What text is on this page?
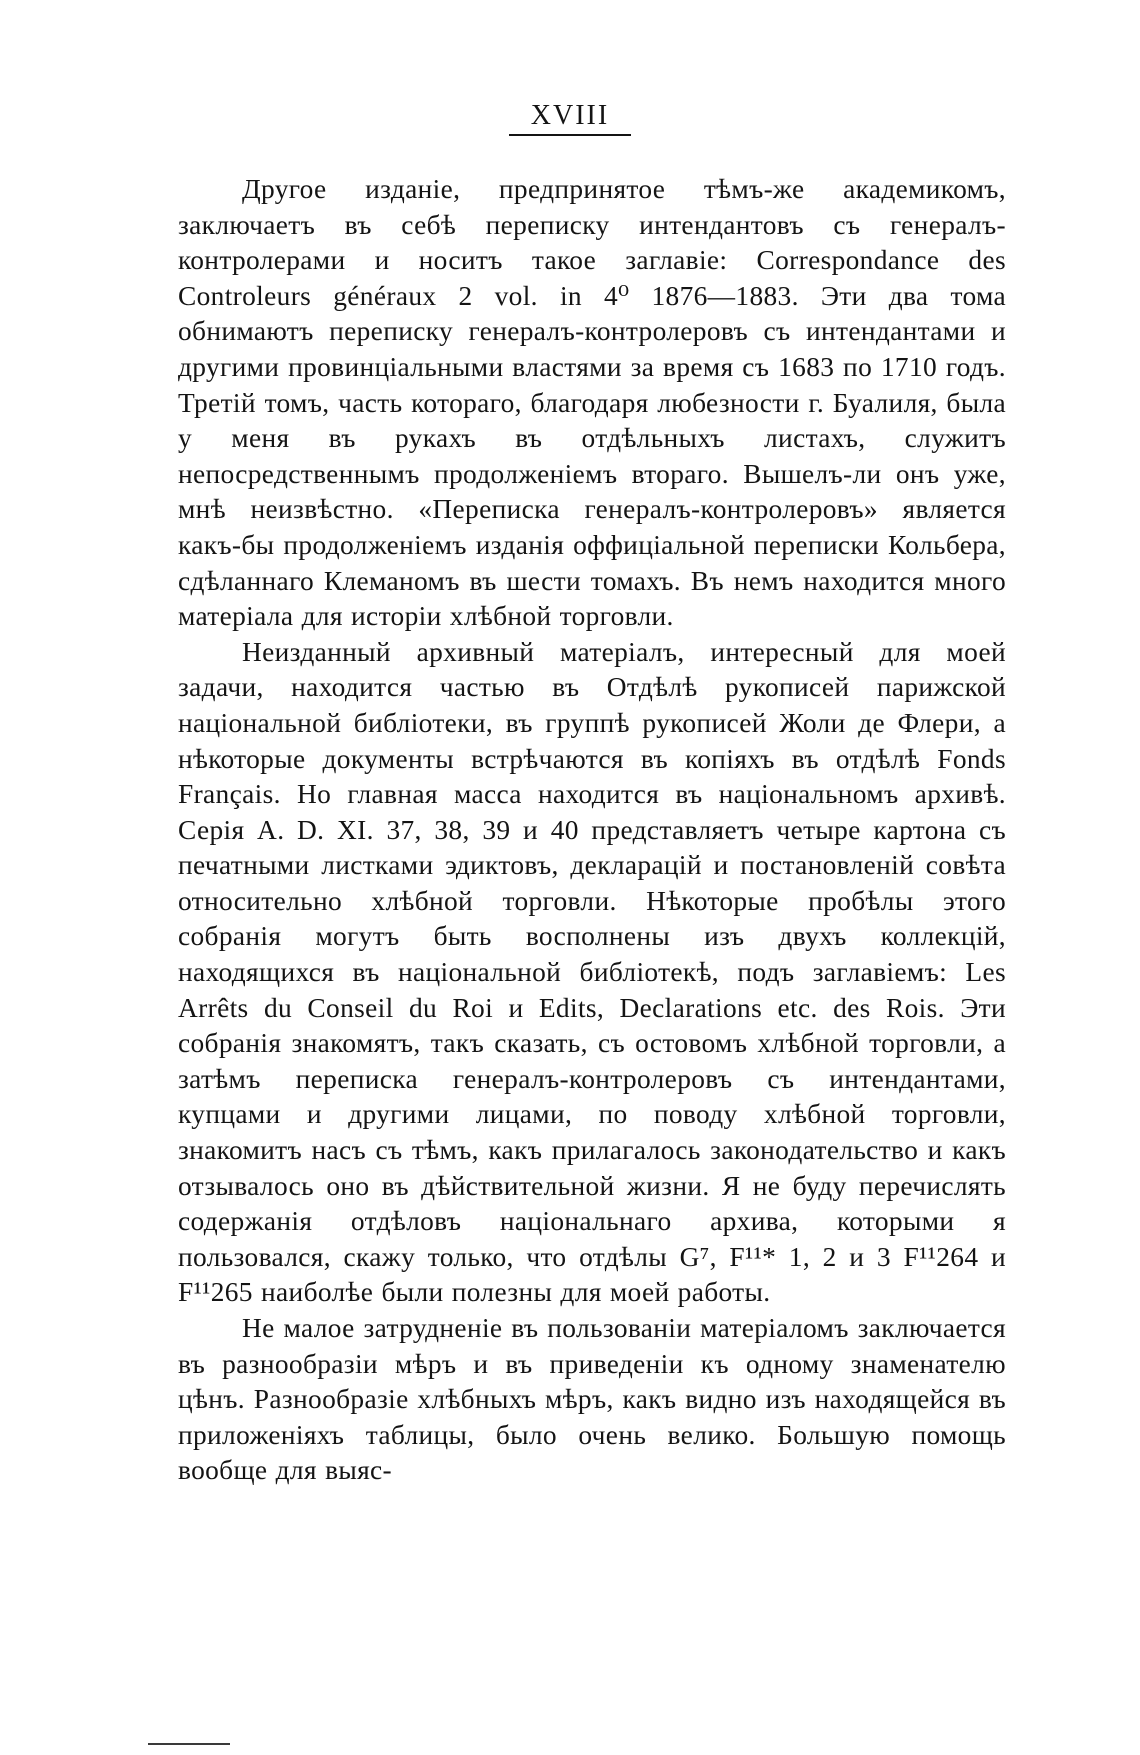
XVIII

Другое изданіе, предпринятое тѣмъ-же академикомъ, заключаетъ въ себѣ переписку интендантовъ съ генералъ-контролерами и носитъ такое заглавіе: Correspondance des Controleurs généraux 2 vol. in 4⁰ 1876—1883. Эти два тома обнимаютъ переписку генералъ-контролеровъ съ интендантами и другими провинціальными властями за время съ 1683 по 1710 годъ. Третій томъ, часть котораго, благодаря любезности г. Буалиля, была у меня въ рукахъ въ отдѣльныхъ листахъ, служитъ непосредственнымъ продолженіемъ втораго. Вышелъ-ли онъ уже, мнѣ неизвѣстно. «Переписка генералъ-контролеровъ» является какъ-бы продолженіемъ изданія оффиціальной переписки Кольбера, сдѣланнаго Клеманомъ въ шести томахъ. Въ немъ находится много матеріала для исторіи хлѣбной торговли.

Неизданный архивный матеріалъ, интересный для моей задачи, находится частью въ Отдѣлѣ рукописей парижской національной библіотеки, въ группѣ рукописей Жоли де Флери, а нѣкоторые документы встрѣчаются въ копіяхъ въ отдѣлѣ Fonds Français. Но главная масса находится въ національномъ архивѣ. Серія A. D. XI. 37, 38, 39 и 40 представляетъ четыре картона съ печатными листками эдиктовъ, декларацій и постановленій совѣта относительно хлѣбной торговли. Нѣкоторые пробѣлы этого собранія могутъ быть восполнены изъ двухъ коллекцій, находящихся въ національной библіотекѣ, подъ заглавіемъ: Les Arrêts du Conseil du Roi и Edits, Declarations etc. des Rois. Эти собранія знакомятъ, такъ сказать, съ остовомъ хлѣбной торговли, а затѣмъ переписка генералъ-контролеровъ съ интендантами, купцами и другими лицами, по поводу хлѣбной торговли, знакомитъ насъ съ тѣмъ, какъ прилагалось законодательство и какъ отзывалось оно въ дѣйствительной жизни. Я не буду перечислять содержанія отдѣловъ національнаго архива, которыми я пользовался, скажу только, что отдѣлы G⁷, F¹¹* 1, 2 и 3 F¹¹264 и F¹¹265 наиболѣе были полезны для моей работы.

Не малое затрудненіе въ пользованіи матеріаломъ заключается въ разнообразіи мѣръ и въ приведеніи къ одному знаменателю цѣнъ. Разнообразіе хлѣбныхъ мѣръ, какъ видно изъ находящейся въ приложеніяхъ таблицы, было очень велико. Большую помощь вообще для выяс-
